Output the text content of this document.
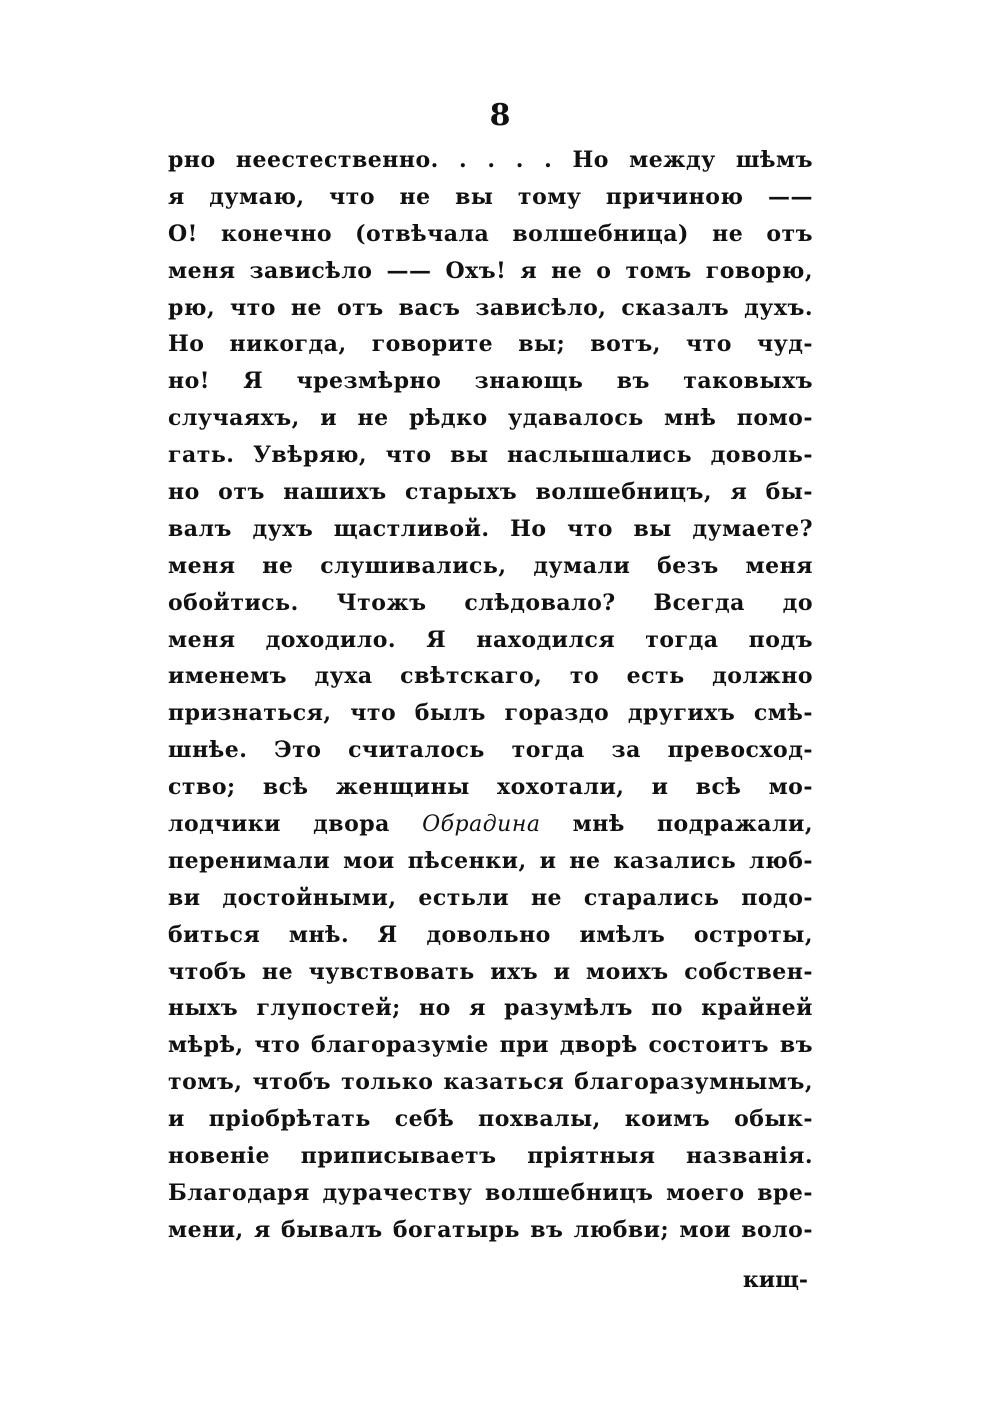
8
рно неестественно. . . . . Но между шѣмъ
я думаю, что не вы тому причиною ——
О! конечно (отвѣчала волшебница) не отъ
меня зависѣло —— Охъ! я не о томъ говорю,
рю, что не отъ васъ зависѣло, сказалъ духъ.
Но никогда, говорите вы; вотъ, что чуд-
но! Я чрезмѣрно знающь въ таковыхъ
случаяхъ, и не рѣдко удавалось мнѣ помо-
гать. Увѣряю, что вы наслышались доволь-
но отъ нашихъ старыхъ волшебницъ, я бы-
валъ духъ щастливой. Но что вы думаете?
меня не слушивались, думали безъ меня
обойтись. Чтожъ слѣдовало? Всегда до
меня доходило. Я находился тогда подъ
именемъ духа свѣтскаго, то есть должно
признаться, что былъ гораздо другихъ смѣ-
шнѣе. Это считалось тогда за превосход-
ство; всѣ женщины хохотали, и всѣ мо-
лодчики двора Обрадина мнѣ подражали,
перенимали мои пѣсенки, и не казались люб-
ви достойными, естьли не старались подо-
биться мнѣ. Я довольно имѣлъ остроты,
чтобъ не чувствовать ихъ и моихъ собствен-
ныхъ глупостей; но я разумѣлъ по крайней
мѣрѣ, что благоразуміе при дворѣ состоитъ въ
томъ, чтобъ только казаться благоразумнымъ,
и пріобрѣтать себѣ похвалы, коимъ обык-
новеніе приписываетъ пріятныя названія.
Благодаря дурачеству волшебницъ моего вре-
мени, я бывалъ богатырь въ любви; мои воло-
кищ-
